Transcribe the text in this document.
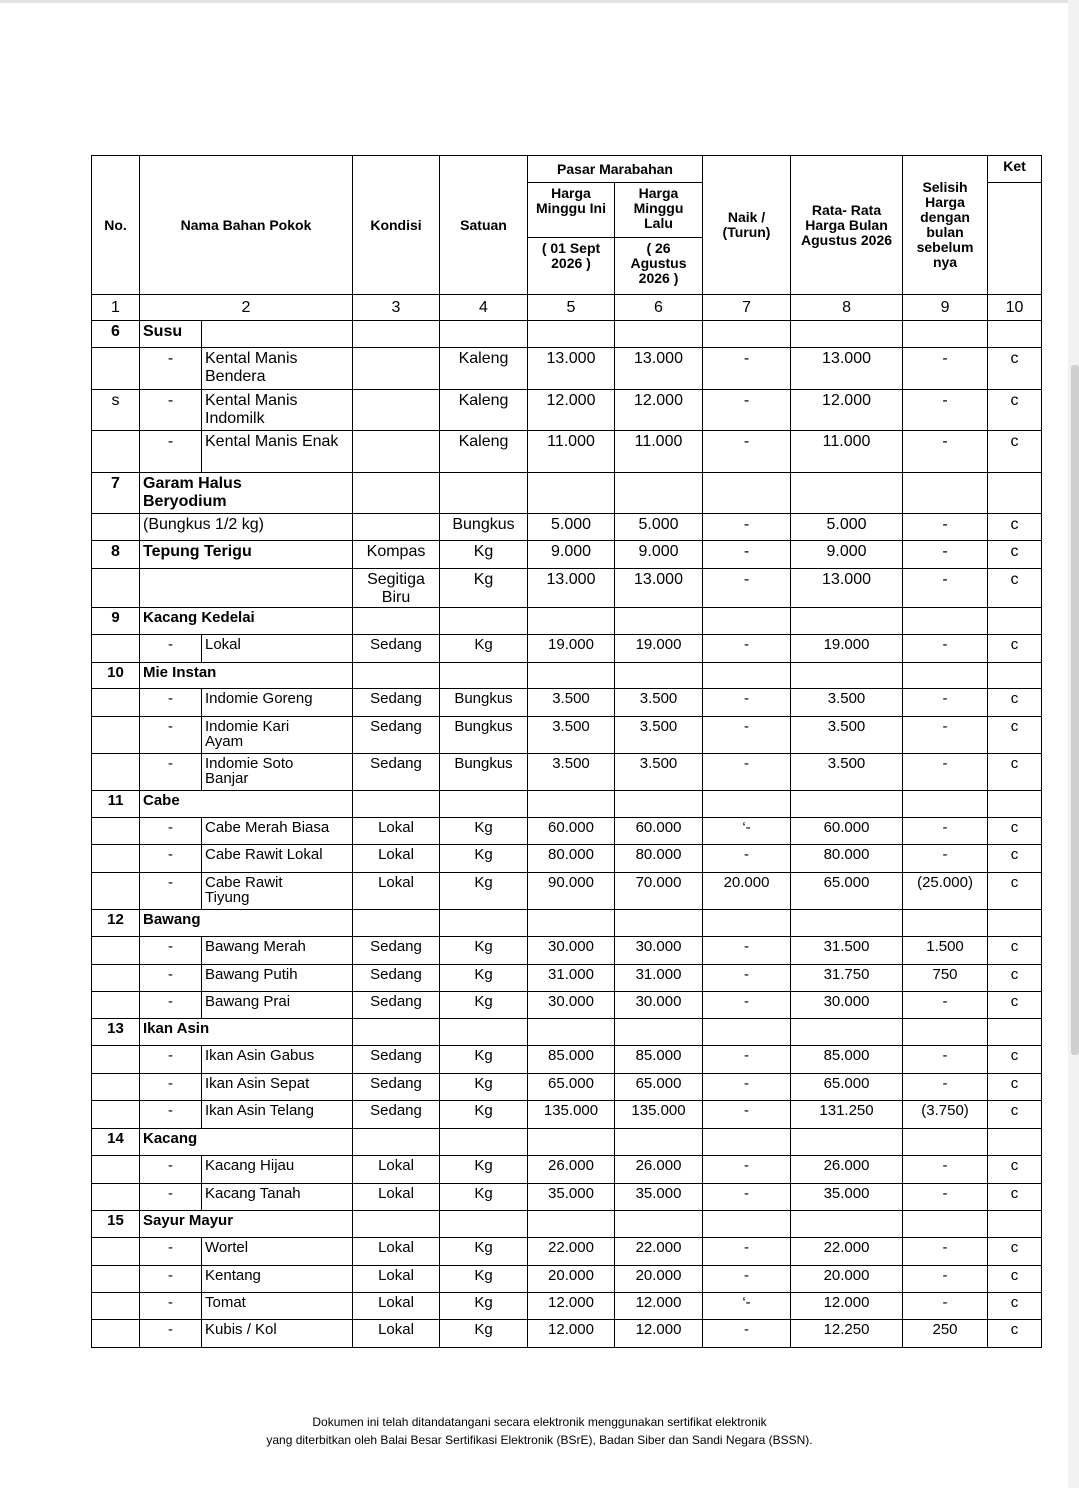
No.	Nama Bahan Pokok		Kondisi	Satuan	Pasar Marabahan		Naik / (Turun)	Rata- Rata Harga Bulan Agustus 2026	Selisih Harga dengan bulan sebelum nya	Ket
					Harga Minggu Ini	Harga Minggu Lalu				
					( 01 Sept 2026 )	( 26 Agustus 2026 )				
1	2		3	4	5	6	7	8	9	10
6	Susu									
	-	Kental Manis Bendera		Kaleng	13.000	13.000	-	13.000	-	c
s	-	Kental Manis Indomilk		Kaleng	12.000	12.000	-	12.000	-	c
	-	Kental Manis Enak		Kaleng	11.000	11.000	-	11.000	-	c
7	Garam Halus Beryodium									
	(Bungkus 1/2 kg)			Bungkus	5.000	5.000	-	5.000	-	c
8	Tepung Terigu		Kompas	Kg	9.000	9.000	-	9.000	-	c
			Segitiga Biru	Kg	13.000	13.000	-	13.000	-	c
9	Kacang Kedelai									
	-	Lokal	Sedang	Kg	19.000	19.000	-	19.000	-	c
10	Mie Instan									
	-	Indomie Goreng	Sedang	Bungkus	3.500	3.500	-	3.500	-	c
	-	Indomie Kari Ayam	Sedang	Bungkus	3.500	3.500	-	3.500	-	c
	-	Indomie Soto Banjar	Sedang	Bungkus	3.500	3.500	-	3.500	-	c
11	Cabe									
	-	Cabe Merah Biasa	Lokal	Kg	60.000	60.000	‘-	60.000	-	c
	-	Cabe Rawit Lokal	Lokal	Kg	80.000	80.000	-	80.000	-	c
	-	Cabe Rawit Tiyung	Lokal	Kg	90.000	70.000	20.000	65.000	(25.000)	c
12	Bawang									
	-	Bawang Merah	Sedang	Kg	30.000	30.000	-	31.500	1.500	c
	-	Bawang Putih	Sedang	Kg	31.000	31.000	-	31.750	750	c
	-	Bawang Prai	Sedang	Kg	30.000	30.000	-	30.000	-	c
13	Ikan Asin									
	-	Ikan Asin Gabus	Sedang	Kg	85.000	85.000	-	85.000	-	c
	-	Ikan Asin Sepat	Sedang	Kg	65.000	65.000	-	65.000	-	c
	-	Ikan Asin Telang	Sedang	Kg	135.000	135.000	-	131.250	(3.750)	c
14	Kacang									
	-	Kacang Hijau	Lokal	Kg	26.000	26.000	-	26.000	-	c
	-	Kacang Tanah	Lokal	Kg	35.000	35.000	-	35.000	-	c
15	Sayur Mayur									
	-	Wortel	Lokal	Kg	22.000	22.000	-	22.000	-	c
	-	Kentang	Lokal	Kg	20.000	20.000	-	20.000	-	c
	-	Tomat	Lokal	Kg	12.000	12.000	‘-	12.000	-	c
	-	Kubis / Kol	Lokal	Kg	12.000	12.000	-	12.250	250	c
Dokumen ini telah ditandatangani secara elektronik menggunakan sertifikat elektronik
yang diterbitkan oleh Balai Besar Sertifikasi Elektronik (BSrE), Badan Siber dan Sandi Negara (BSSN).
